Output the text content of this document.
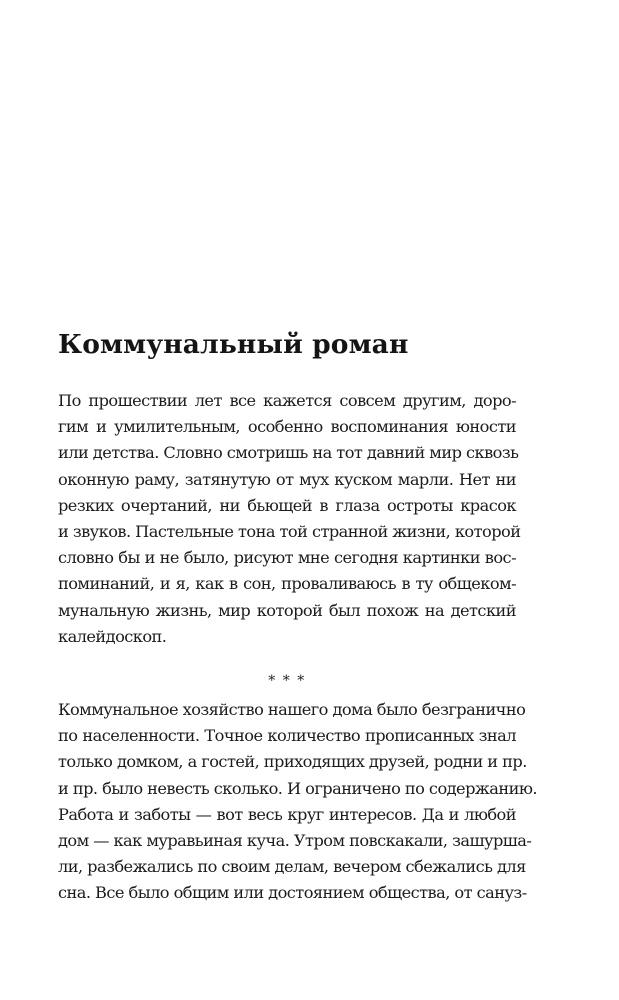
Коммунальный роман
По прошествии лет все кажется совсем другим, доро-
гим и умилительным, особенно воспоминания юности
или детства. Словно смотришь на тот давний мир сквозь
оконную раму, затянутую от мух куском марли. Нет ни
резких очертаний, ни бьющей в глаза остроты красок
и звуков. Пастельные тона той странной жизни, которой
словно бы и не было, рисуют мне сегодня картинки вос-
поминаний, и я, как в сон, проваливаюсь в ту общеком-
мунальную жизнь, мир которой был похож на детский
калейдоскоп.
* * *
Коммунальное хозяйство нашего дома было безгранично
по населенности. Точное количество прописанных знал
только домком, а гостей, приходящих друзей, родни и пр.
и пр. было невесть сколько. И ограничено по содержанию.
Работа и заботы — вот весь круг интересов. Да и любой
дом — как муравьиная куча. Утром повскакали, зашурша-
ли, разбежались по своим делам, вечером сбежались для
сна. Все было общим или достоянием общества, от сануз-
